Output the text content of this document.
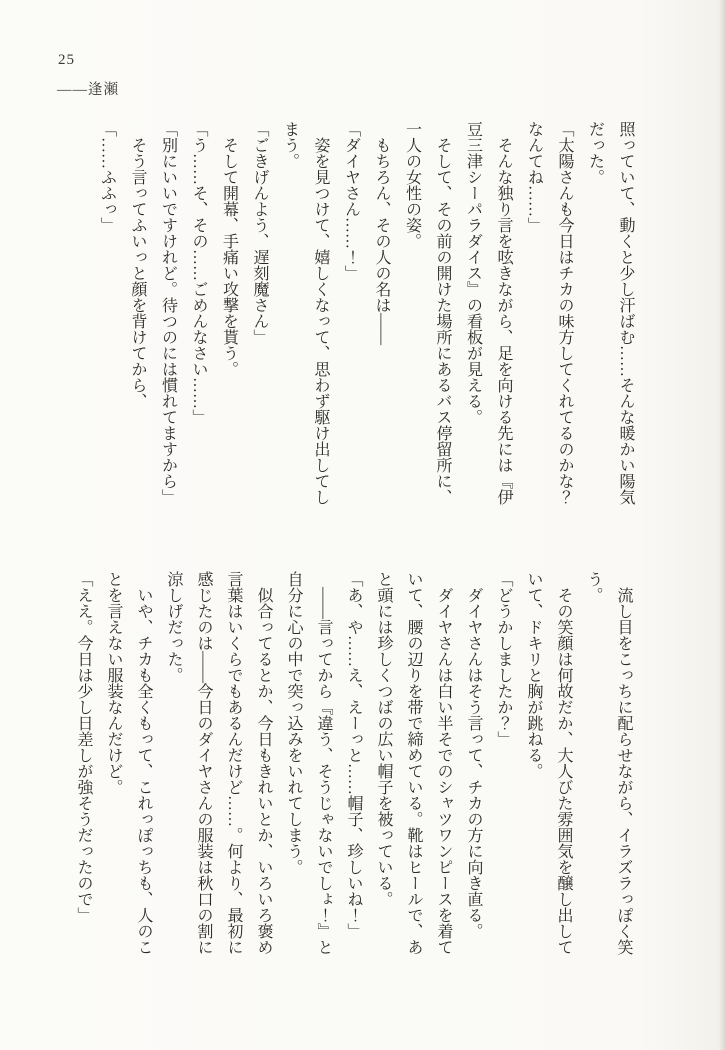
25
――逢瀬

照っていて、動くと少し汗ばむ……そんな暖かい陽気だった。

「太陽さんも今日はチカの味方してくれてるのかな？なんてね……」

そんな独り言を呟きながら、足を向ける先には『伊豆三津シーパラダイス』の看板が見える。

そして、その前の開けた場所にあるバス停留所に、一人の女性の姿。

もちろん、その人の名は――

「ダイヤさん……！」

姿を見つけて、嬉しくなって、思わず駆け出してしまう。

「ごきげんよう、遅刻魔さん」

そして開幕、手痛い攻撃を貰う。

「う……そ、その……ごめんなさい……」

「別にいいですけれど。待つのには慣れてますから」

そう言ってふいっと顔を背けてから、

「……ふふっ」

流し目をこっちに配らせながら、イラズラっぽく笑う。

その笑顔は何故だか、大人びた雰囲気を醸し出していて、ドキリと胸が跳ねる。

「どうかしましたか？」

ダイヤさんはそう言って、チカの方に向き直る。

ダイヤさんは白い半そでのシャツワンピースを着ていて、腰の辺りを帯で締めている。靴はヒールで、あと頭には珍しくつばの広い帽子を被っている。

「あ、や……え、えーっと……帽子、珍しいね！」

――言ってから『違う、そうじゃないでしょ！』と自分に心の中で突っ込みをいれてしまう。

似合ってるとか、今日もきれいとか、いろいろ褒め言葉はいくらでもあるんだけど……。何より、最初に感じたのは――今日のダイヤさんの服装は秋口の割に涼しげだった。

いや、チカも全くもって、これっぽっちも、人のことを言えない服装なんだけど。

「ええ。今日は少し日差しが強そうだったので」
